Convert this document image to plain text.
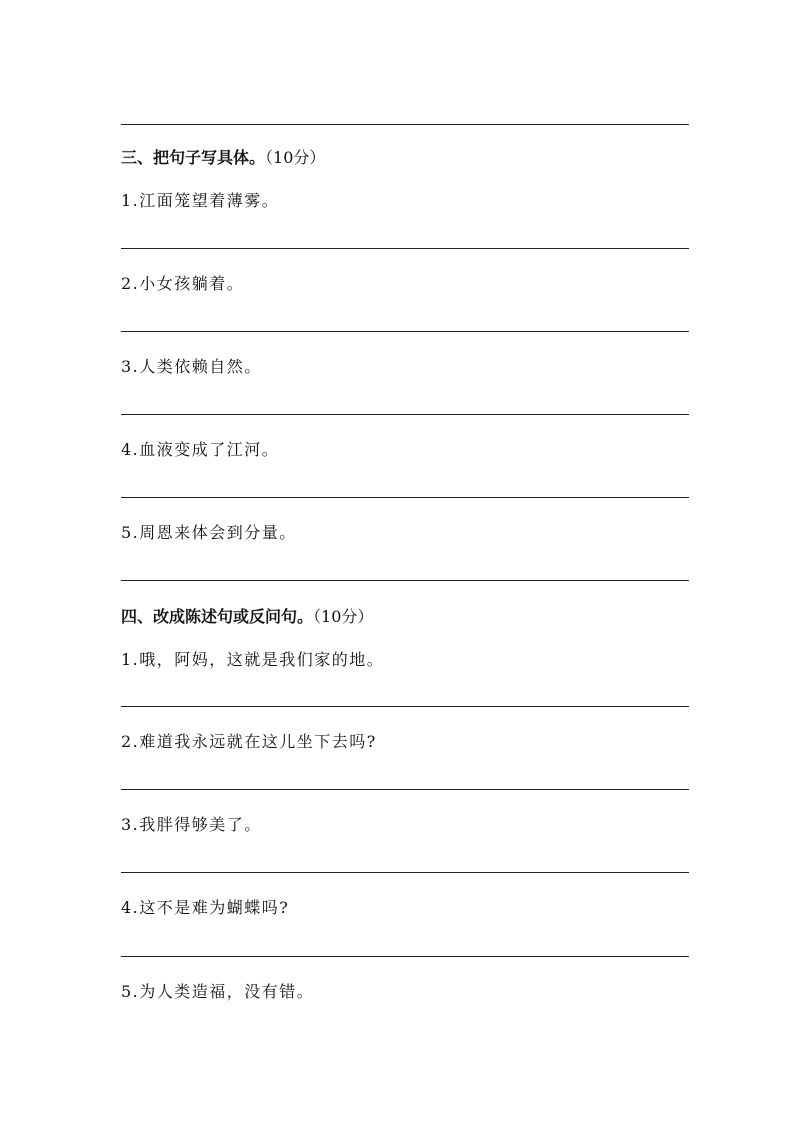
三、把句子写具体。（10分）
1.江面笼望着薄雾。
2.小女孩躺着。
3.人类依赖自然。
4.血液变成了江河。
5.周恩来体会到分量。
四、改成陈述句或反问句。（10分）
1.哦，阿妈，这就是我们家的地。
2.难道我永远就在这儿坐下去吗?
3.我胖得够美了。
4.这不是难为蝴蝶吗?
5.为人类造福，没有错。
